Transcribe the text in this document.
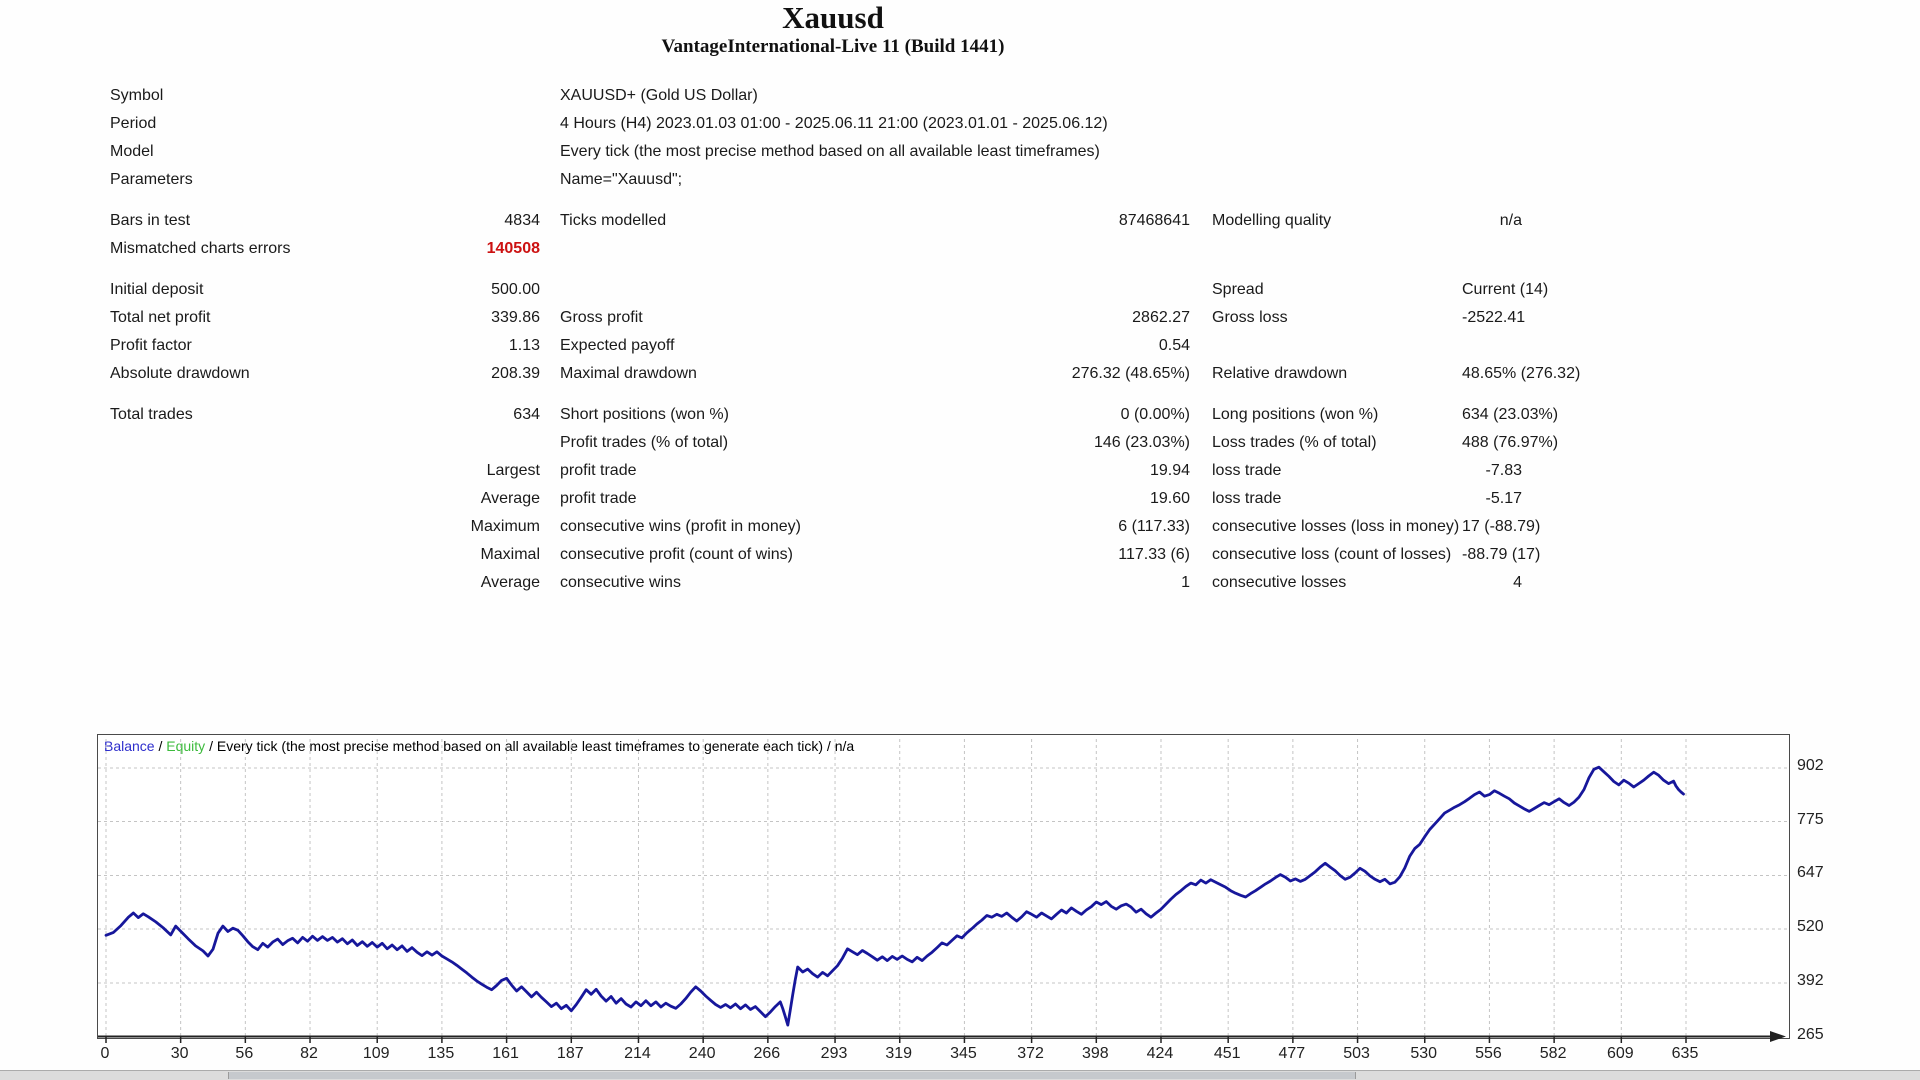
Xauusd
VantageInternational-Live 11 (Build 1441)
Symbol	XAUUSD+ (Gold US Dollar)
Period	4 Hours (H4) 2023.01.03 01:00 - 2025.06.11 21:00 (2023.01.01 - 2025.06.12)
Model	Every tick (the most precise method based on all available least timeframes)
Parameters	Name="Xauusd";
Bars in test	4834 Ticks modelled	87468641 Modelling quality	n/a
Mismatched charts errors	140508
Initial deposit	500.00	Spread	Current (14)
Total net profit	339.86 Gross profit	2862.27 Gross loss	-2522.41
Profit factor	1.13 Expected payoff	0.54
Absolute drawdown	208.39 Maximal drawdown	276.32 (48.65%) Relative drawdown	48.65% (276.32)
Total trades	634 Short positions (won %)	0 (0.00%) Long positions (won %)	634 (23.03%)
Profit trades (% of total)	146 (23.03%) Loss trades (% of total)	488 (76.97%)
Largest profit trade	19.94 loss trade	-7.83
Average profit trade	19.60 loss trade	-5.17
Maximum consecutive wins (profit in money)	6 (117.33) consecutive losses (loss in money) 17 (-88.79)
Maximal consecutive profit (count of wins)	117.33 (6) consecutive loss (count of losses) -88.79 (17)
Average consecutive wins	1 consecutive losses	4
Balance / Equity / Every tick (the most precise method based on all available least timeframes to generate each tick) / n/a
902
775
647
520
392
265
0	30	56	82	109	135	161	187	214	240	266	293	319	345	372	398	424	451	477	503	530	556	582	609	635
